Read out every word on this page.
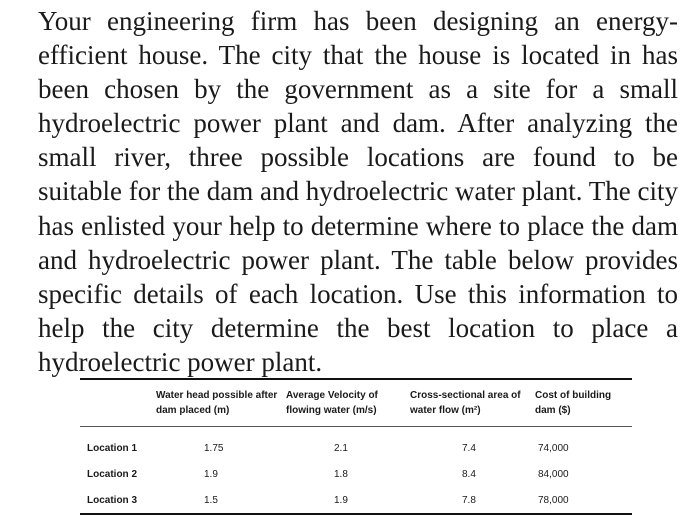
Your engineering firm has been designing an energy-efficient house. The city that the house is located in has been chosen by the government as a site for a small hydroelectric power plant and dam. After analyzing the small river, three possible locations are found to be suitable for the dam and hydroelectric water plant. The city has enlisted your help to determine where to place the dam and hydroelectric power plant. The table below provides specific details of each location. Use this information to help the city determine the best location to place a hydroelectric power plant.

	Water head possible after dam placed (m)	Average Velocity of flowing water (m/s)	Cross-sectional area of water flow (m²)	Cost of building dam ($)
Location 1	1.75	2.1	7.4	74,000
Location 2	1.9	1.8	8.4	84,000
Location 3	1.5	1.9	7.8	78,000
